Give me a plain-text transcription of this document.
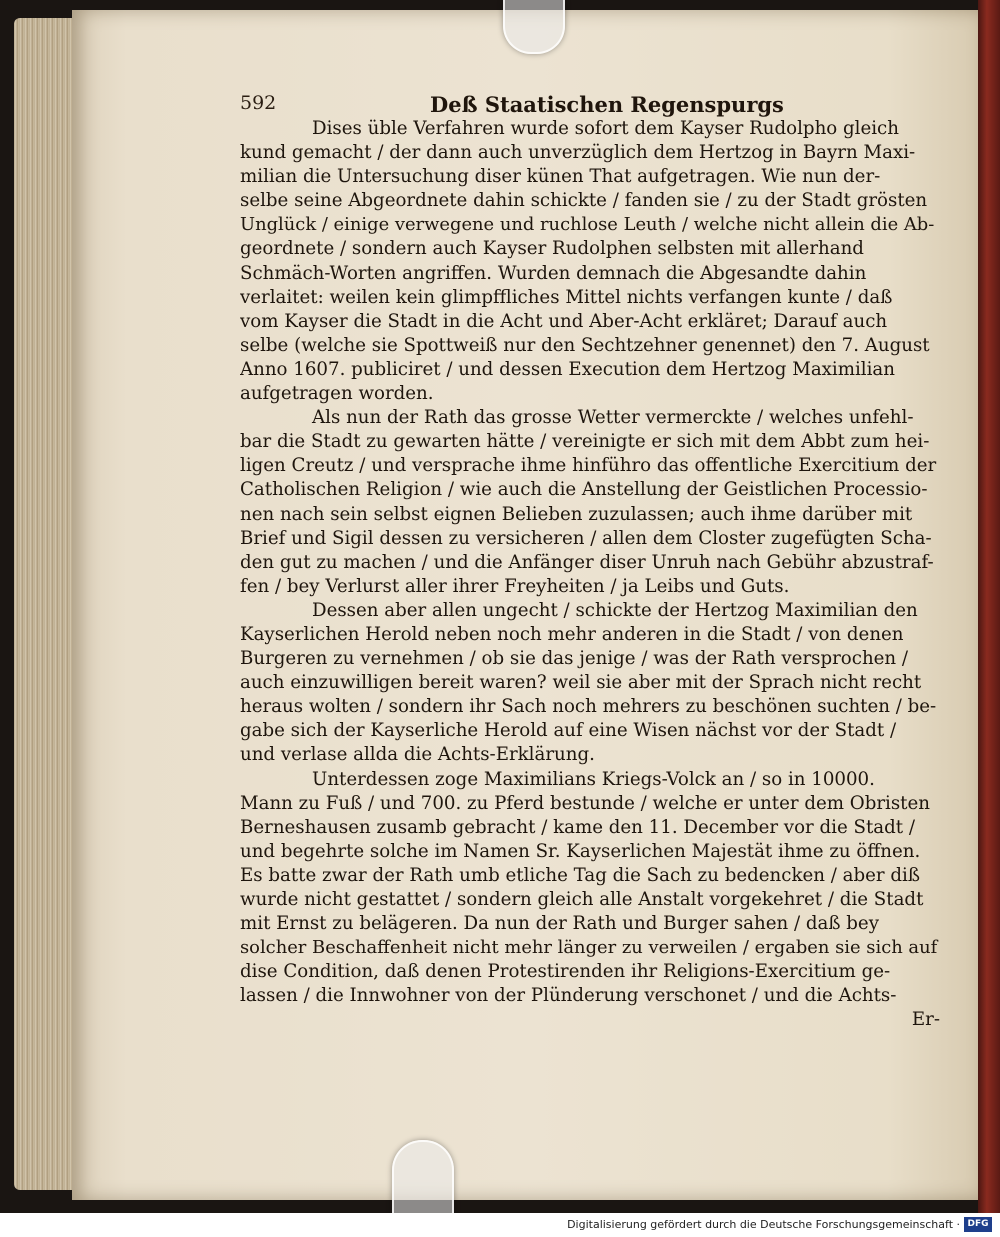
592	Deß Staatischen Regenspurgs
Dises üble Verfahren wurde sofort dem Kayser Rudolpho gleich
kund gemacht / der dann auch unverzüglich dem Hertzog in Bayrn Maxi-
milian die Untersuchung diser künen That aufgetragen. Wie nun der-
selbe seine Abgeordnete dahin schickte / fanden sie / zu der Stadt grösten
Unglück / einige verwegene und ruchlose Leuth / welche nicht allein die Ab-
geordnete / sondern auch Kayser Rudolphen selbsten mit allerhand
Schmäch-Worten angriffen. Wurden demnach die Abgesandte dahin
verlaitet: weilen kein glimpffliches Mittel nichts verfangen kunte / daß
vom Kayser die Stadt in die Acht und Aber-Acht erkläret; Darauf auch
selbe (welche sie Spottweiß nur den Sechtzehner genennet) den 7. August
Anno 1607. publiciret / und dessen Execution dem Hertzog Maximilian
aufgetragen worden.
Als nun der Rath das grosse Wetter vermerckte / welches unfehl-
bar die Stadt zu gewarten hätte / vereinigte er sich mit dem Abbt zum hei-
ligen Creutz / und versprache ihme hinführo das offentliche Exercitium der
Catholischen Religion / wie auch die Anstellung der Geistlichen Processio-
nen nach sein selbst eignen Belieben zuzulassen; auch ihme darüber mit
Brief und Sigil dessen zu versicheren / allen dem Closter zugefügten Scha-
den gut zu machen / und die Anfänger diser Unruh nach Gebühr abzustraf-
fen / bey Verlurst aller ihrer Freyheiten / ja Leibs und Guts.
Dessen aber allen ungecht / schickte der Hertzog Maximilian den
Kayserlichen Herold neben noch mehr anderen in die Stadt / von denen
Burgeren zu vernehmen / ob sie das jenige / was der Rath versprochen /
auch einzuwilligen bereit waren? weil sie aber mit der Sprach nicht recht
heraus wolten / sondern ihr Sach noch mehrers zu beschönen suchten / be-
gabe sich der Kayserliche Herold auf eine Wisen nächst vor der Stadt /
und verlase allda die Achts-Erklärung.
Unterdessen zoge Maximilians Kriegs-Volck an / so in 10000.
Mann zu Fuß / und 700. zu Pferd bestunde / welche er unter dem Obristen
Berneshausen zusamb gebracht / kame den 11. December vor die Stadt /
und begehrte solche im Namen Sr. Kayserlichen Majestät ihme zu öffnen.
Es batte zwar der Rath umb etliche Tag die Sach zu bedencken / aber diß
wurde nicht gestattet / sondern gleich alle Anstalt vorgekehret / die Stadt
mit Ernst zu belägeren. Da nun der Rath und Burger sahen / daß bey
solcher Beschaffenheit nicht mehr länger zu verweilen / ergaben sie sich auf
dise Condition, daß denen Protestirenden ihr Religions-Exercitium ge-
lassen / die Innwohner von der Plünderung verschonet / und die Achts-
Er-
Digitalisierung gefördert durch die Deutsche Forschungsgemeinschaft · DFG
